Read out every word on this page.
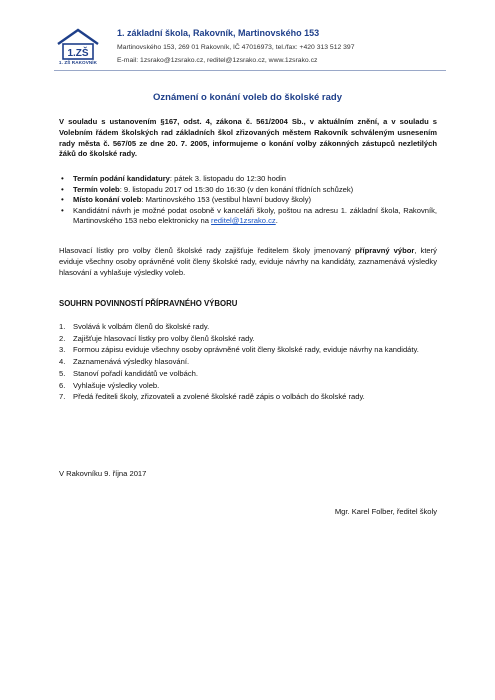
1.ZŠ
1. ZŠ RAKOVNÍK
1. základní škola, Rakovník, Martinovského 153
Martinovského 153, 269 01 Rakovník, IČ 47016973, tel./fax: +420 313 512 397
E-mail: 1zsrako@1zsrako.cz, reditel@1zsrako.cz, www.1zsrako.cz
Oznámení o konání voleb do školské rady
V souladu s ustanovením §167, odst. 4, zákona č. 561/2004 Sb., v aktuálním znění, a v souladu s Volebním řádem školských rad základních škol zřizovaných městem Rakovník schváleným usnesením rady města č. 567/05 ze dne 20. 7. 2005, informujeme o konání volby zákonných zástupců nezletilých žáků do školské rady.
• Termín podání kandidatury: pátek 3. listopadu do 12:30 hodin
• Termín voleb: 9. listopadu 2017 od 15:30 do 16:30 (v den konání třídních schůzek)
• Místo konání voleb: Martinovského 153 (vestibul hlavní budovy školy)
• Kandidátní návrh je možné podat osobně v kanceláři školy, poštou na adresu 1. základní škola, Rakovník, Martinovského 153 nebo elektronicky na reditel@1zsrako.cz.
Hlasovací lístky pro volby členů školské rady zajišťuje ředitelem školy jmenovaný přípravný výbor, který eviduje všechny osoby oprávněné volit členy školské rady, eviduje návrhy na kandidáty, zaznamenává výsledky hlasování a vyhlašuje výsledky voleb.
SOUHRN POVINNOSTÍ PŘÍPRAVNÉHO VÝBORU
1. Svolává k volbám členů do školské rady.
2. Zajišťuje hlasovací lístky pro volby členů školské rady.
3. Formou zápisu eviduje všechny osoby oprávněné volit členy školské rady, eviduje návrhy na kandidáty.
4. Zaznamenává výsledky hlasování.
5. Stanoví pořadí kandidátů ve volbách.
6. Vyhlašuje výsledky voleb.
7. Předá řediteli školy, zřizovateli a zvolené školské radě zápis o volbách do školské rady.
V Rakovníku 9. října 2017
Mgr. Karel Folber, ředitel školy
